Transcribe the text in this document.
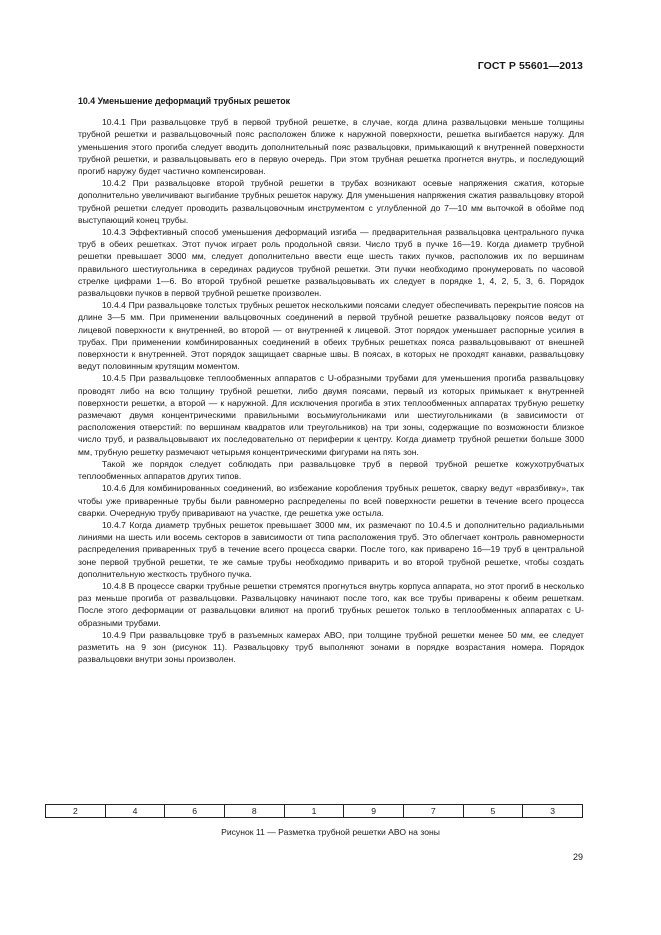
ГОСТ Р 55601—2013

10.4 Уменьшение деформаций трубных решеток

10.4.1 При развальцовке труб в первой трубной решетке, в случае, когда длина развальцовки меньше толщины трубной решетки и развальцовочный пояс расположен ближе к наружной поверхности, решетка выгибается наружу. Для уменьшения этого прогиба следует вводить дополнительный пояс развальцовки, примыкающий к внутренней поверхности трубной решетки, и развальцовывать его в первую очередь. При этом трубная решетка прогнется внутрь, и последующий прогиб наружу будет частично компенсирован.

10.4.2 При развальцовке второй трубной решетки в трубах возникают осевые напряжения сжатия, которые дополнительно увеличивают выгибание трубных решеток наружу. Для уменьшения напряжения сжатия развальцовку второй трубной решетки следует проводить развальцовочным инструментом с углубленной до 7—10 мм выточкой в обойме под выступающий конец трубы.

10.4.3 Эффективный способ уменьшения деформаций изгиба — предварительная развальцовка центрального пучка труб в обеих решетках. Этот пучок играет роль продольной связи. Число труб в пучке 16—19. Когда диаметр трубной решетки превышает 3000 мм, следует дополнительно ввести еще шесть таких пучков, расположив их по вершинам правильного шестиугольника в серединах радиусов трубной решетки. Эти пучки необходимо пронумеровать по часовой стрелке цифрами 1—6. Во второй трубной решетке развальцовывать их следует в порядке 1, 4, 2, 5, 3, 6. Порядок развальцовки пучков в первой трубной решетке произволен.

10.4.4 При развальцовке толстых трубных решеток несколькими поясами следует обеспечивать перекрытие поясов на длине 3—5 мм. При применении вальцовочных соединений в первой трубной решетке развальцовку поясов ведут от лицевой поверхности к внутренней, во второй — от внутренней к лицевой. Этот порядок уменьшает распорные усилия в трубах. При применении комбинированных соединений в обеих трубных решетках пояса развальцовывают от внешней поверхности к внутренней. Этот порядок защищает сварные швы. В поясах, в которых не проходят канавки, развальцовку ведут половинным крутящим моментом.

10.4.5 При развальцовке теплообменных аппаратов с U-образными трубами для уменьшения прогиба развальцовку проводят либо на всю толщину трубной решетки, либо двумя поясами, первый из которых примыкает к внутренней поверхности решетки, а второй — к наружной. Для исключения прогиба в этих теплообменных аппаратах трубную решетку размечают двумя концентрическими правильными восьмиугольниками или шестиугольниками (в зависимости от расположения отверстий: по вершинам квадратов или треугольников) на три зоны, содержащие по возможности близкое число труб, и развальцовывают их последовательно от периферии к центру. Когда диаметр трубной решетки больше 3000 мм, трубную решетку размечают четырьмя концентрическими фигурами на пять зон.

Такой же порядок следует соблюдать при развальцовке труб в первой трубной решетке кожухотрубчатых теплообменных аппаратов других типов.

10.4.6 Для комбинированных соединений, во избежание коробления трубных решеток, сварку ведут «вразбивку», так чтобы уже приваренные трубы были равномерно распределены по всей поверхности решетки в течение всего процесса сварки. Очередную трубу приваривают на участке, где решетка уже остыла.

10.4.7 Когда диаметр трубных решеток превышает 3000 мм, их размечают по 10.4.5 и дополнительно радиальными линиями на шесть или восемь секторов в зависимости от типа расположения труб. Это облегчает контроль равномерности распределения приваренных труб в течение всего процесса сварки. После того, как приварено 16—19 труб в центральной зоне первой трубной решетки, те же самые трубы необходимо приварить и во второй трубной решетке, чтобы создать дополнительную жесткость трубного пучка.

10.4.8 В процессе сварки трубные решетки стремятся прогнуться внутрь корпуса аппарата, но этот прогиб в несколько раз меньше прогиба от развальцовки. Развальцовку начинают после того, как все трубы приварены к обеим решеткам. После этого деформации от развальцовки влияют на прогиб трубных решеток только в теплообменных аппаратах с U-образными трубами.

10.4.9 При развальцовке труб в разъемных камерах АВО, при толщине трубной решетки менее 50 мм, ее следует разметить на 9 зон (рисунок 11). Развальцовку труб выполняют зонами в порядке возрастания номера. Порядок развальцовки внутри зоны произволен.

2	4	6	8	1	9	7	5	3
Рисунок 11 — Разметка трубной решетки АВО на зоны
29
